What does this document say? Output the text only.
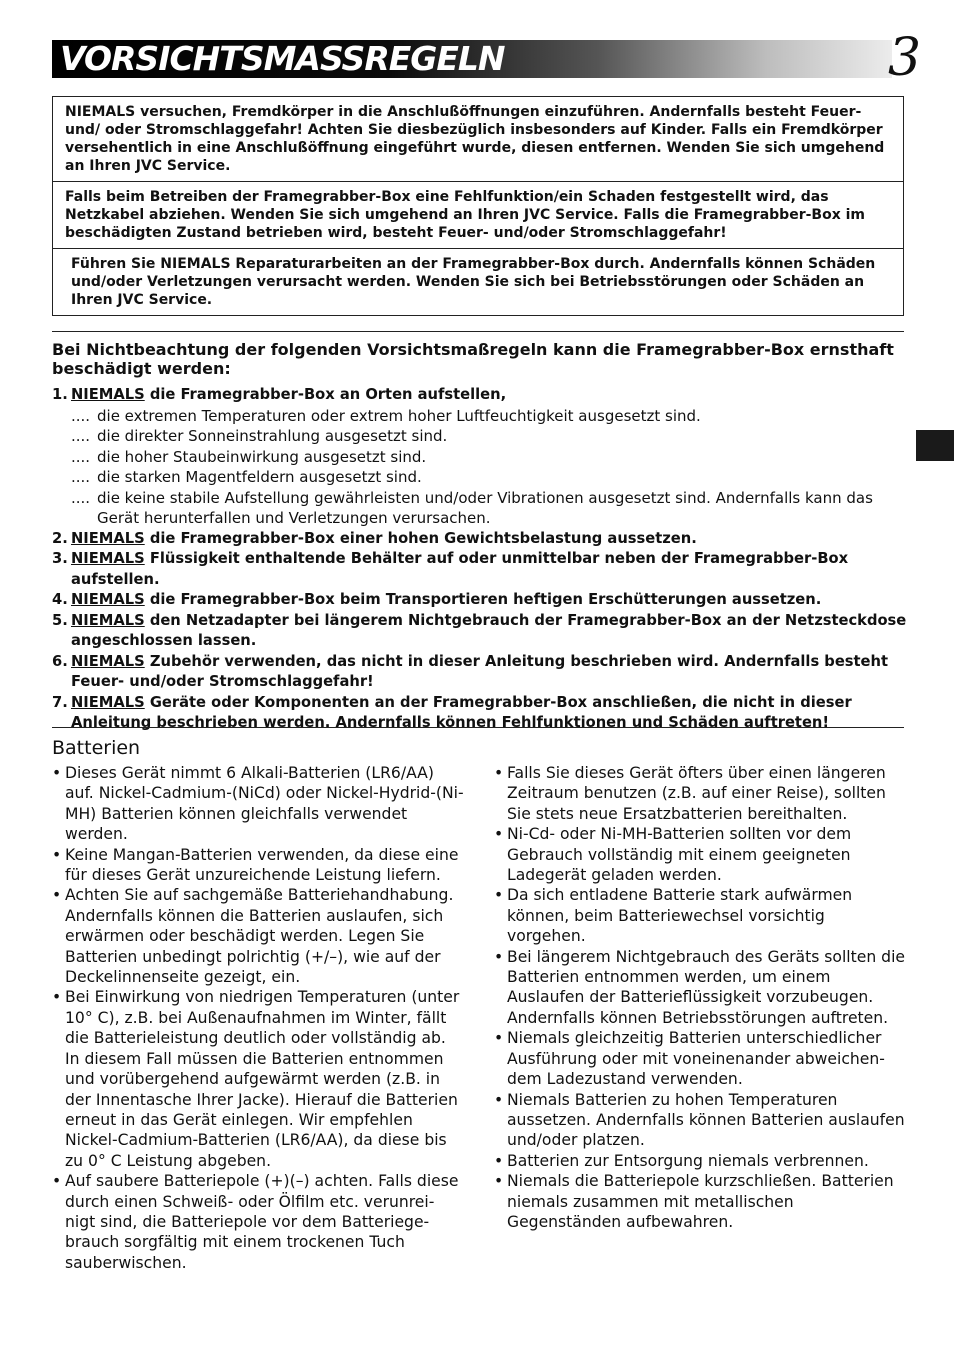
VORSICHTSMASSREGELN	3
NIEMALS versuchen, Fremdkörper in die Anschlußöffnungen einzuführen. Andernfalls besteht Feuer- und/ oder Stromschlaggefahr! Achten Sie diesbezüglich insbesonders auf Kinder. Falls ein Fremdkörper versehentlich in eine Anschlußöffnung eingeführt wurde, diesen entfernen. Wenden Sie sich umgehend an Ihren JVC Service.
Falls beim Betreiben der Framegrabber-Box eine Fehlfunktion/ein Schaden festgestellt wird, das Netzkabel abziehen. Wenden Sie sich umgehend an Ihren JVC Service. Falls die Framegrabber-Box im beschädigten Zustand betrieben wird, besteht Feuer- und/oder Stromschlaggefahr!
Führen Sie NIEMALS Reparaturarbeiten an der Framegrabber-Box durch. Andernfalls können Schäden und/oder Verletzungen verursacht werden. Wenden Sie sich bei Betriebsstörungen oder Schäden an Ihren JVC Service.
Bei Nichtbeachtung der folgenden Vorsichtsmaßregeln kann die Framegrabber-Box ernsthaft beschädigt werden:
1. NIEMALS die Framegrabber-Box an Orten aufstellen,
.... die extremen Temperaturen oder extrem hoher Luftfeuchtigkeit ausgesetzt sind.
.... die direkter Sonneinstrahlung ausgesetzt sind.
.... die hoher Staubeinwirkung ausgesetzt sind.
.... die starken Magentfeldern ausgesetzt sind.
.... die keine stabile Aufstellung gewährleisten und/oder Vibrationen ausgesetzt sind. Andernfalls kann das Gerät herunterfallen und Verletzungen verursachen.
2. NIEMALS die Framegrabber-Box einer hohen Gewichtsbelastung aussetzen.
3. NIEMALS Flüssigkeit enthaltende Behälter auf oder unmittelbar neben der Framegrabber-Box aufstellen.
4. NIEMALS die Framegrabber-Box beim Transportieren heftigen Erschütterungen aussetzen.
5. NIEMALS den Netzadapter bei längerem Nichtgebrauch der Framegrabber-Box an der Netzsteckdose angeschlossen lassen.
6. NIEMALS Zubehör verwenden, das nicht in dieser Anleitung beschrieben wird. Andernfalls besteht Feuer- und/oder Stromschlaggefahr!
7. NIEMALS Geräte oder Komponenten an der Framegrabber-Box anschließen, die nicht in dieser Anleitung beschrieben werden. Andernfalls können Fehlfunktionen und Schäden auftreten!
Batterien
• Dieses Gerät nimmt 6 Alkali-Batterien (LR6/AA) auf. Nickel-Cadmium-(NiCd) oder Nickel-Hydrid-(Ni-MH) Batterien können gleichfalls verwendet werden.
• Keine Mangan-Batterien verwenden, da diese eine für dieses Gerät unzureichende Leistung liefern.
• Achten Sie auf sachgemäße Batteriehandhabung. Andernfalls können die Batterien auslaufen, sich erwärmen oder beschädigt werden. Legen Sie Batterien unbedingt polrichtig (+/–), wie auf der Deckelinnenseite gezeigt, ein.
• Bei Einwirkung von niedrigen Temperaturen (unter 10° C), z.B. bei Außenaufnahmen im Winter, fällt die Batterieleistung deutlich oder vollständig ab. In diesem Fall müssen die Batterien entnommen und vorübergehend aufgewärmt werden (z.B. in der Innentasche Ihrer Jacke). Hierauf die Batterien erneut in das Gerät einlegen. Wir empfehlen Nickel-Cadmium-Batterien (LR6/AA), da diese bis zu 0° C Leistung abgeben.
• Auf saubere Batteriepole (+)(–) achten. Falls diese durch einen Schweiß- oder Ölfilm etc. verunrei-nigt sind, die Batteriepole vor dem Batteriege-brauch sorgfältig mit einem trockenen Tuch sauberwischen.
• Falls Sie dieses Gerät öfters über einen längeren Zeitraum benutzen (z.B. auf einer Reise), sollten Sie stets neue Ersatzbatterien bereithalten.
• Ni-Cd- oder Ni-MH-Batterien sollten vor dem Gebrauch vollständig mit einem geeigneten Ladegerät geladen werden.
• Da sich entladene Batterie stark aufwärmen können, beim Batteriewechsel vorsichtig vorgehen.
• Bei längerem Nichtgebrauch des Geräts sollten die Batterien entnommen werden, um einem Auslaufen der Batterieflüssigkeit vorzubeugen. Andernfalls können Betriebsstörungen auftreten.
• Niemals gleichzeitig Batterien unterschiedlicher Ausführung oder mit voneinenander abweichen-dem Ladezustand verwenden.
• Niemals Batterien zu hohen Temperaturen aussetzen. Andernfalls können Batterien auslaufen und/oder platzen.
• Batterien zur Entsorgung niemals verbrennen.
• Niemals die Batteriepole kurzschließen. Batterien niemals zusammen mit metallischen Gegenständen aufbewahren.
